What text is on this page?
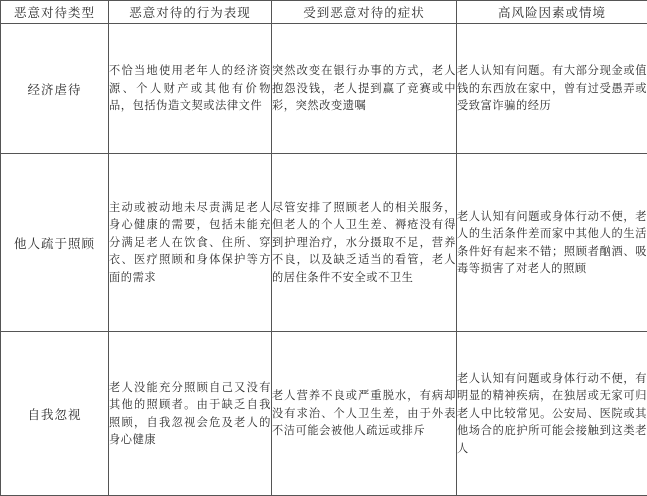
恶意对待类型	恶意对待的行为表现	受到恶意对待的症状	高风险因素或情境
经济虐待	不恰当地使用老年人的经济资源、个人财产或其他有价物品，包括伪造文契或法律文件	突然改变在银行办事的方式，老人抱怨没钱，老人提到赢了竞赛或中彩，突然改变遗嘱	老人认知有问题。有大部分现金或值钱的东西放在家中，曾有过受愚弄或受致富诈骗的经历
他人疏于照顾	主动或被动地未尽责满足老人身心健康的需要，包括未能充分满足老人在饮食、住所、穿衣、医疗照顾和身体保护等方面的需求	尽管安排了照顾老人的相关服务，但老人的个人卫生差、褥疮没有得到护理治疗，水分摄取不足，营养不良，以及缺乏适当的看管，老人的居住条件不安全或不卫生	老人认知有问题或身体行动不便，老人的生活条件差而家中其他人的生活条件好有起来不错；照顾者酗酒、吸毒等损害了对老人的照顾
自我忽视	老人没能充分照顾自己又没有其他的照顾者。由于缺乏自我照顾，自我忽视会危及老人的身心健康	老人营养不良或严重脱水，有病却没有求治、个人卫生差，由于外表不洁可能会被他人疏远或排斥	老人认知有问题或身体行动不便，有明显的精神疾病，在独居或无家可归老人中比较常见。公安局、医院或其他场合的庇护所可能会接触到这类老人
